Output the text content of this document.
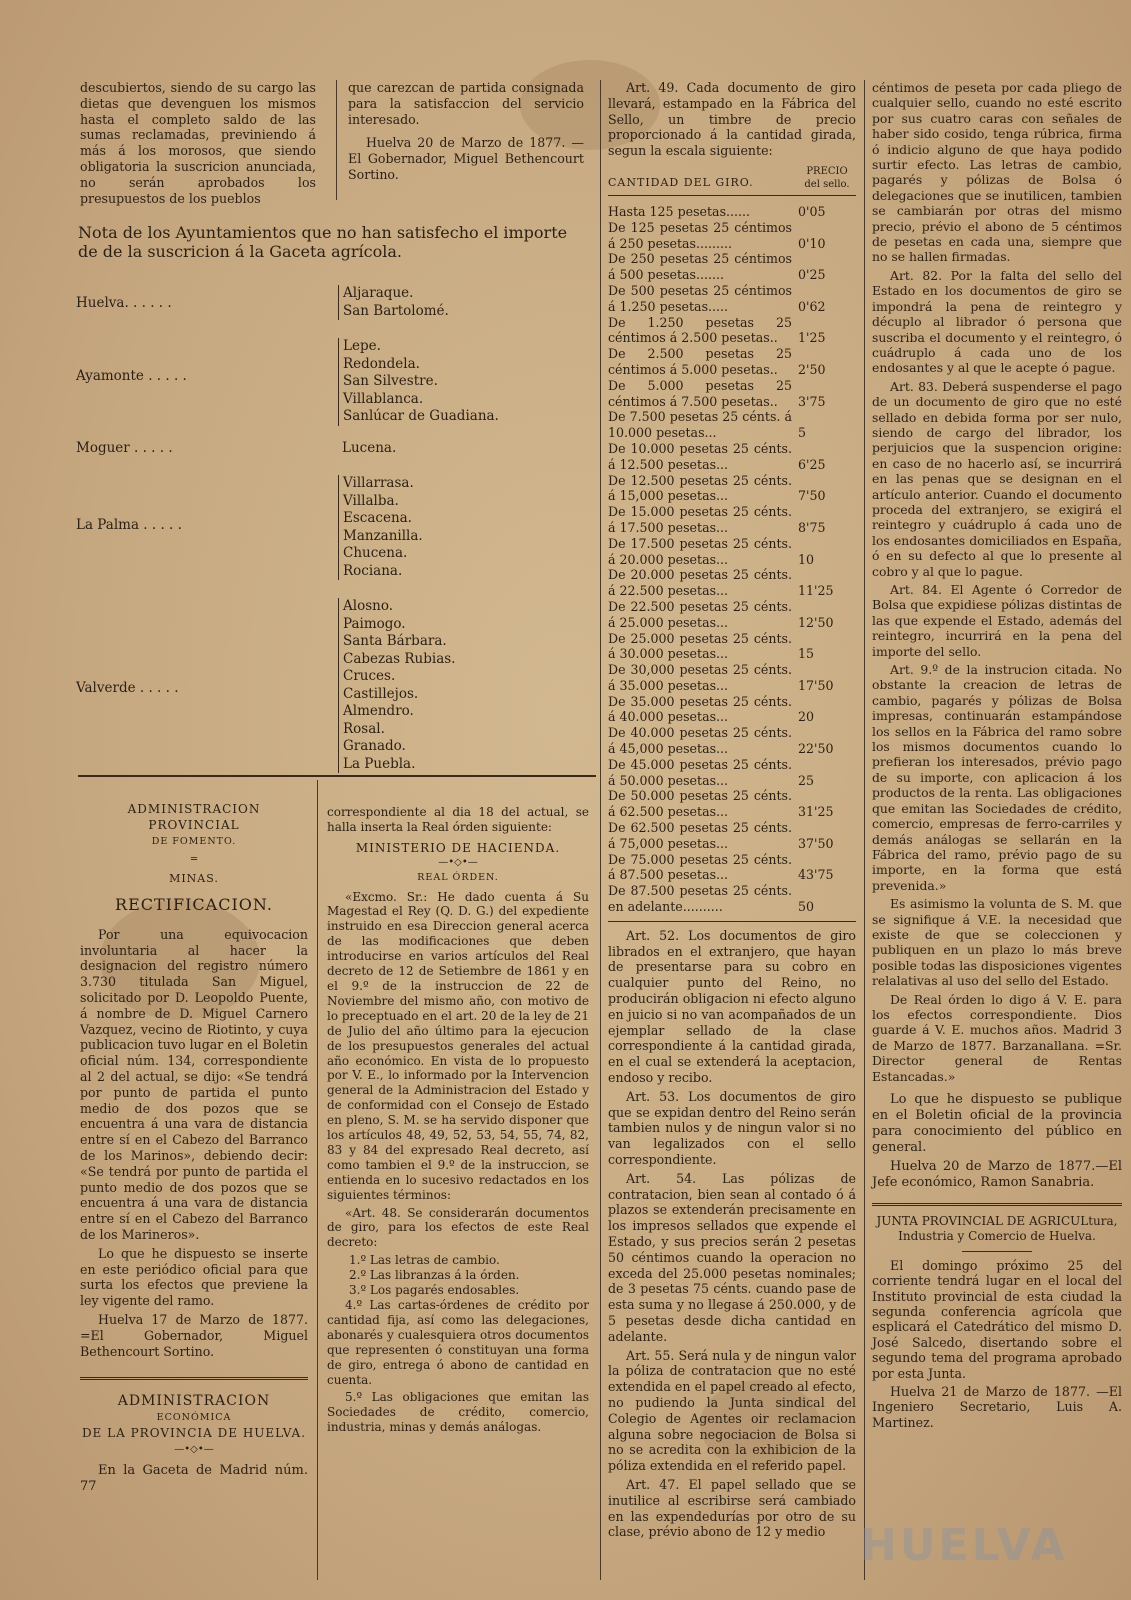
descubiertos, siendo de su cargo las dietas que devenguen los mismos hasta el completo saldo de las sumas reclamadas, previniendo á más á los morosos, que siendo obligatoria la suscricion anunciada, no serán aprobados los presupuestos de los pueblos

que carezcan de partida consignada para la satisfaccion del servicio interesado.

Huelva 20 de Marzo de 1877. —El Gobernador, Miguel Bethencourt Sortino.

Nota de los Ayuntamientos que no han satisfecho el importe de de la suscricion á la Gaceta agrícola.
Huelva. . . . . .
Aljaraque.
San Bartolomé.
Ayamonte . . . . .
Lepe.
Redondela.
San Silvestre.
Villablanca.
Sanlúcar de Guadiana.
Moguer . . . . .	Lucena.
La Palma . . . . .
Villarrasa.
Villalba.
Escacena.
Manzanilla.
Chucena.
Rociana.
Valverde . . . . .
Alosno.
Paimogo.
Santa Bárbara.
Cabezas Rubias.
Cruces.
Castillejos.
Almendro.
Rosal.
Granado.
La Puebla.
ADMINISTRACION PROVINCIAL
DE FOMENTO.
═
MINAS.
RECTIFICACION.

Por una equivocacion involuntaria al hacer la designacion del registro número 3.730 titulada San Miguel, solicitado por D. Leopoldo Puente, á nombre de D. Miguel Carnero Vazquez, vecino de Riotinto, y cuya publicacion tuvo lugar en el Boletin oficial núm. 134, correspondiente al 2 del actual, se dijo: «Se tendrá por punto de partida el punto medio de dos pozos que se encuentra á una vara de distancia entre sí en el Cabezo del Barranco de los Marinos», debiendo decir: «Se tendrá por punto de partida el punto medio de dos pozos que se encuentra á una vara de distancia entre sí en el Cabezo del Barranco de los Marineros».

Lo que he dispuesto se inserte en este periódico oficial para que surta los efectos que previene la ley vigente del ramo.

Huelva 17 de Marzo de 1877. =El Gobernador, Miguel Bethencourt Sortino.

ADMINISTRACION
ECONÓMICA
DE LA PROVINCIA DE HUELVA.
—•◇•—

En la Gaceta de Madrid núm. 77

correspondiente al dia 18 del actual, se halla inserta la Real órden siguiente:

MINISTERIO DE HACIENDA.
—•◇•—
REAL ÓRDEN.

«Excmo. Sr.: He dado cuenta á Su Magestad el Rey (Q. D. G.) del expediente instruido en esa Direccion general acerca de las modificaciones que deben introducirse en varios artículos del Real decreto de 12 de Setiembre de 1861 y en el 9.º de la instruccion de 22 de Noviembre del mismo año, con motivo de lo preceptuado en el art. 20 de la ley de 21 de Julio del año último para la ejecucion de los presupuestos generales del actual año económico. En vista de lo propuesto por V. E., lo informado por la Intervencion general de la Administracion del Estado y de conformidad con el Consejo de Estado en pleno, S. M. se ha servido disponer que los artículos 48, 49, 52, 53, 54, 55, 74, 82, 83 y 84 del expresado Real decreto, así como tambien el 9.º de la instruccion, se entienda en lo sucesivo redactados en los siguientes términos:

«Art. 48. Se considerarán documentos de giro, para los efectos de este Real decreto:

1.º Las letras de cambio.
2.º Las libranzas á la órden.
3.º Los pagarés endosables.

4.º Las cartas-órdenes de crédito por cantidad fija, así como las delegaciones, abonarés y cualesquiera otros documentos que representen ó constituyan una forma de giro, entrega ó abono de cantidad en cuenta.

5.º Las obligaciones que emitan las Sociedades de crédito, comercio, industria, minas y demás análogas.

Art. 49. Cada documento de giro llevará, estampado en la Fábrica del Sello, un timbre de precio proporcionado á la cantidad girada, segun la escala siguiente:

CANTIDAD DEL GIRO.
PRECIO del sello.
Hasta 125 pesetas......	0'05
De 125 pesetas 25 céntimos á 250 pesetas.........	0'10
De 250 pesetas 25 céntimos á 500 pesetas.......	0'25
De 500 pesetas 25 céntimos á 1.250 pesetas.....	0'62
De 1.250 pesetas 25 céntimos á 2.500 pesetas..	1'25
De 2.500 pesetas 25 céntimos á 5.000 pesetas..	2'50
De 5.000 pesetas 25 céntimos á 7.500 pesetas..	3'75
De 7.500 pesetas 25 cénts. á 10.000 pesetas...	5
De 10.000 pesetas 25 cénts. á 12.500 pesetas...	6'25
De 12.500 pesetas 25 cénts. á 15,000 pesetas...	7'50
De 15.000 pesetas 25 cénts. á 17.500 pesetas...	8'75
De 17.500 pesetas 25 cénts. á 20.000 pesetas...	10
De 20.000 pesetas 25 cénts. á 22.500 pesetas...	11'25
De 22.500 pesetas 25 cénts. á 25.000 pesetas...	12'50
De 25.000 pesetas 25 cénts. á 30.000 pesetas...	15
De 30,000 pesetas 25 cénts. á 35.000 pesetas...	17'50
De 35.000 pesetas 25 cénts. á 40.000 pesetas...	20
De 40.000 pesetas 25 cénts. á 45,000 pesetas...	22'50
De 45.000 pesetas 25 cénts. á 50.000 pesetas...	25
De 50.000 pesetas 25 cénts. á 62.500 pesetas...	31'25
De 62.500 pesetas 25 cénts. á 75,000 pesetas...	37'50
De 75.000 pesetas 25 cénts. á 87.500 pesetas...	43'75
De 87.500 pesetas 25 cénts. en adelante..........	50

Art. 52. Los documentos de giro librados en el extranjero, que hayan de presentarse para su cobro en cualquier punto del Reino, no producirán obligacion ni efecto alguno en juicio si no van acompañados de un ejemplar sellado de la clase correspondiente á la cantidad girada, en el cual se extenderá la aceptacion, endoso y recibo.

Art. 53. Los documentos de giro que se expidan dentro del Reino serán tambien nulos y de ningun valor si no van legalizados con el sello correspondiente.

Art. 54. Las pólizas de contratacion, bien sean al contado ó á plazos se extenderán precisamente en los impresos sellados que expende el Estado, y sus precios serán 2 pesetas 50 céntimos cuando la operacion no exceda del 25.000 pesetas nominales; de 3 pesetas 75 cénts. cuando pase de esta suma y no llegase á 250.000, y de 5 pesetas desde dicha cantidad en adelante.

Art. 55. Será nula y de ningun valor la póliza de contratacion que no esté extendida en el papel creado al efecto, no pudiendo la Junta sindical del Colegio de Agentes oir reclamacion alguna sobre negociacion de Bolsa si no se acredita con la exhibicion de la póliza extendida en el referido papel.

Art. 47. El papel sellado que se inutilice al escribirse será cambiado en las expendedurías por otro de su clase, prévio abono de 12 y medio

céntimos de peseta por cada pliego de cualquier sello, cuando no esté escrito por sus cuatro caras con señales de haber sido cosido, tenga rúbrica, firma ó indicio alguno de que haya podido surtir efecto. Las letras de cambio, pagarés y pólizas de Bolsa ó delegaciones que se inutilicen, tambien se cambiarán por otras del mismo precio, prévio el abono de 5 céntimos de pesetas en cada una, siempre que no se hallen firmadas.

Art. 82. Por la falta del sello del Estado en los documentos de giro se impondrá la pena de reintegro y décuplo al librador ó persona que suscriba el documento y el reintegro, ó cuádruplo á cada uno de los endosantes y al que le acepte ó pague.

Art. 83. Deberá suspenderse el pago de un documento de giro que no esté sellado en debida forma por ser nulo, siendo de cargo del librador, los perjuicios que la suspencion origine: en caso de no hacerlo así, se incurrirá en las penas que se designan en el artículo anterior. Cuando el documento proceda del extranjero, se exigirá el reintegro y cuádruplo á cada uno de los endosantes domiciliados en España, ó en su defecto al que lo presente al cobro y al que lo pague.

Art. 84. El Agente ó Corredor de Bolsa que expidiese pólizas distintas de las que expende el Estado, además del reintegro, incurrirá en la pena del importe del sello.

Art. 9.º de la instrucion citada. No obstante la creacion de letras de cambio, pagarés y pólizas de Bolsa impresas, continuarán estampándose los sellos en la Fábrica del ramo sobre los mismos documentos cuando lo prefieran los interesados, prévio pago de su importe, con aplicacion á los productos de la renta. Las obligaciones que emitan las Sociedades de crédito, comercio, empresas de ferro-carriles y demás análogas se sellarán en la Fábrica del ramo, prévio pago de su importe, en la forma que está prevenida.»

Es asimismo la volunta de S. M. que se signifique á V.E. la necesidad que existe de que se coleccionen y publiquen en un plazo lo más breve posible todas las disposiciones vigentes relalativas al uso del sello del Estado.

De Real órden lo digo á V. E. para los efectos correspondiente. Dios guarde á V. E. muchos años. Madrid 3 de Marzo de 1877. Barzanallana. =Sr. Director general de Rentas Estancadas.»

Lo que he dispuesto se publique en el Boletin oficial de la provincia para conocimiento del público en general.

Huelva 20 de Marzo de 1877.—El Jefe económico, Ramon Sanabria.

JUNTA PROVINCIAL DE AGRICULtura, Industria y Comercio de Huelva.

El domingo próximo 25 del corriente tendrá lugar en el local del Instituto provincial de esta ciudad la segunda conferencia agrícola que esplicará el Catedrático del mismo D. José Salcedo, disertando sobre el segundo tema del programa aprobado por esta Junta.

Huelva 21 de Marzo de 1877. —El Ingeniero Secretario, Luis A. Martinez.

HUELVA
